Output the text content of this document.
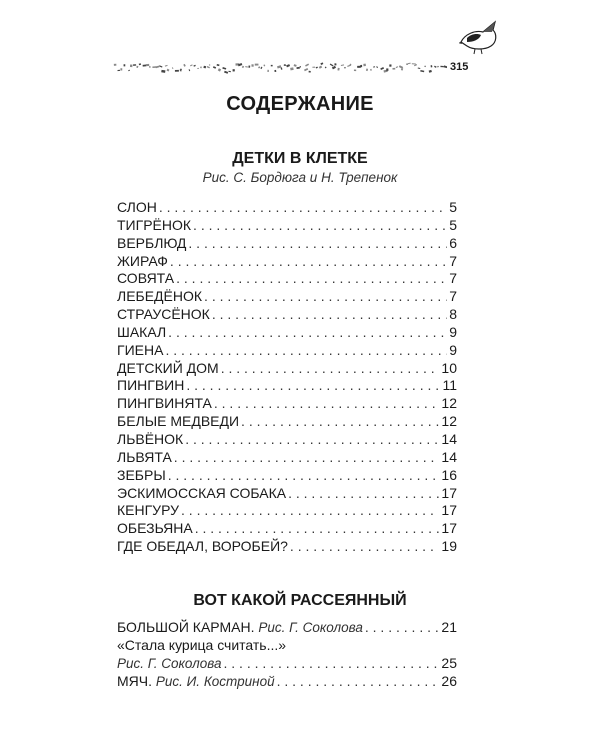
315
СОДЕРЖАНИЕ
ДЕТКИ В КЛЕТКЕ
Рис. С. Бордюга и Н. Трепенок
СЛОН . . .	5
ТИГРЁНОК . . .	5
ВЕРБЛЮД . . .	6
ЖИРАФ . . .	7
СОВЯТА . . .	7
ЛЕБЕДЁНОК . . .	7
СТРАУСЁНОК . . .	8
ШАКАЛ . . .	9
ГИЕНА . . .	9
ДЕТСКИЙ ДОМ . . .	10
ПИНГВИН . . .	11
ПИНГВИНЯТА . . .	12
БЕЛЫЕ МЕДВЕДИ . . .	12
ЛЬВЁНОК . . .	14
ЛЬВЯТА . . .	14
ЗЕБРЫ . . .	16
ЭСКИМОССКАЯ СОБАКА . . .	17
КЕНГУРУ . . .	17
ОБЕЗЬЯНА . . .	17
ГДЕ ОБЕДАЛ, ВОРОБЕЙ? . . .	19
ВОТ КАКОЙ РАССЕЯННЫЙ
БОЛЬШОЙ КАРМАН. Рис. Г. Соколова . . .	21
«Стала курица считать...»
Рис. Г. Соколова . . .	25
МЯЧ. Рис. И. Костриной . . .	26
